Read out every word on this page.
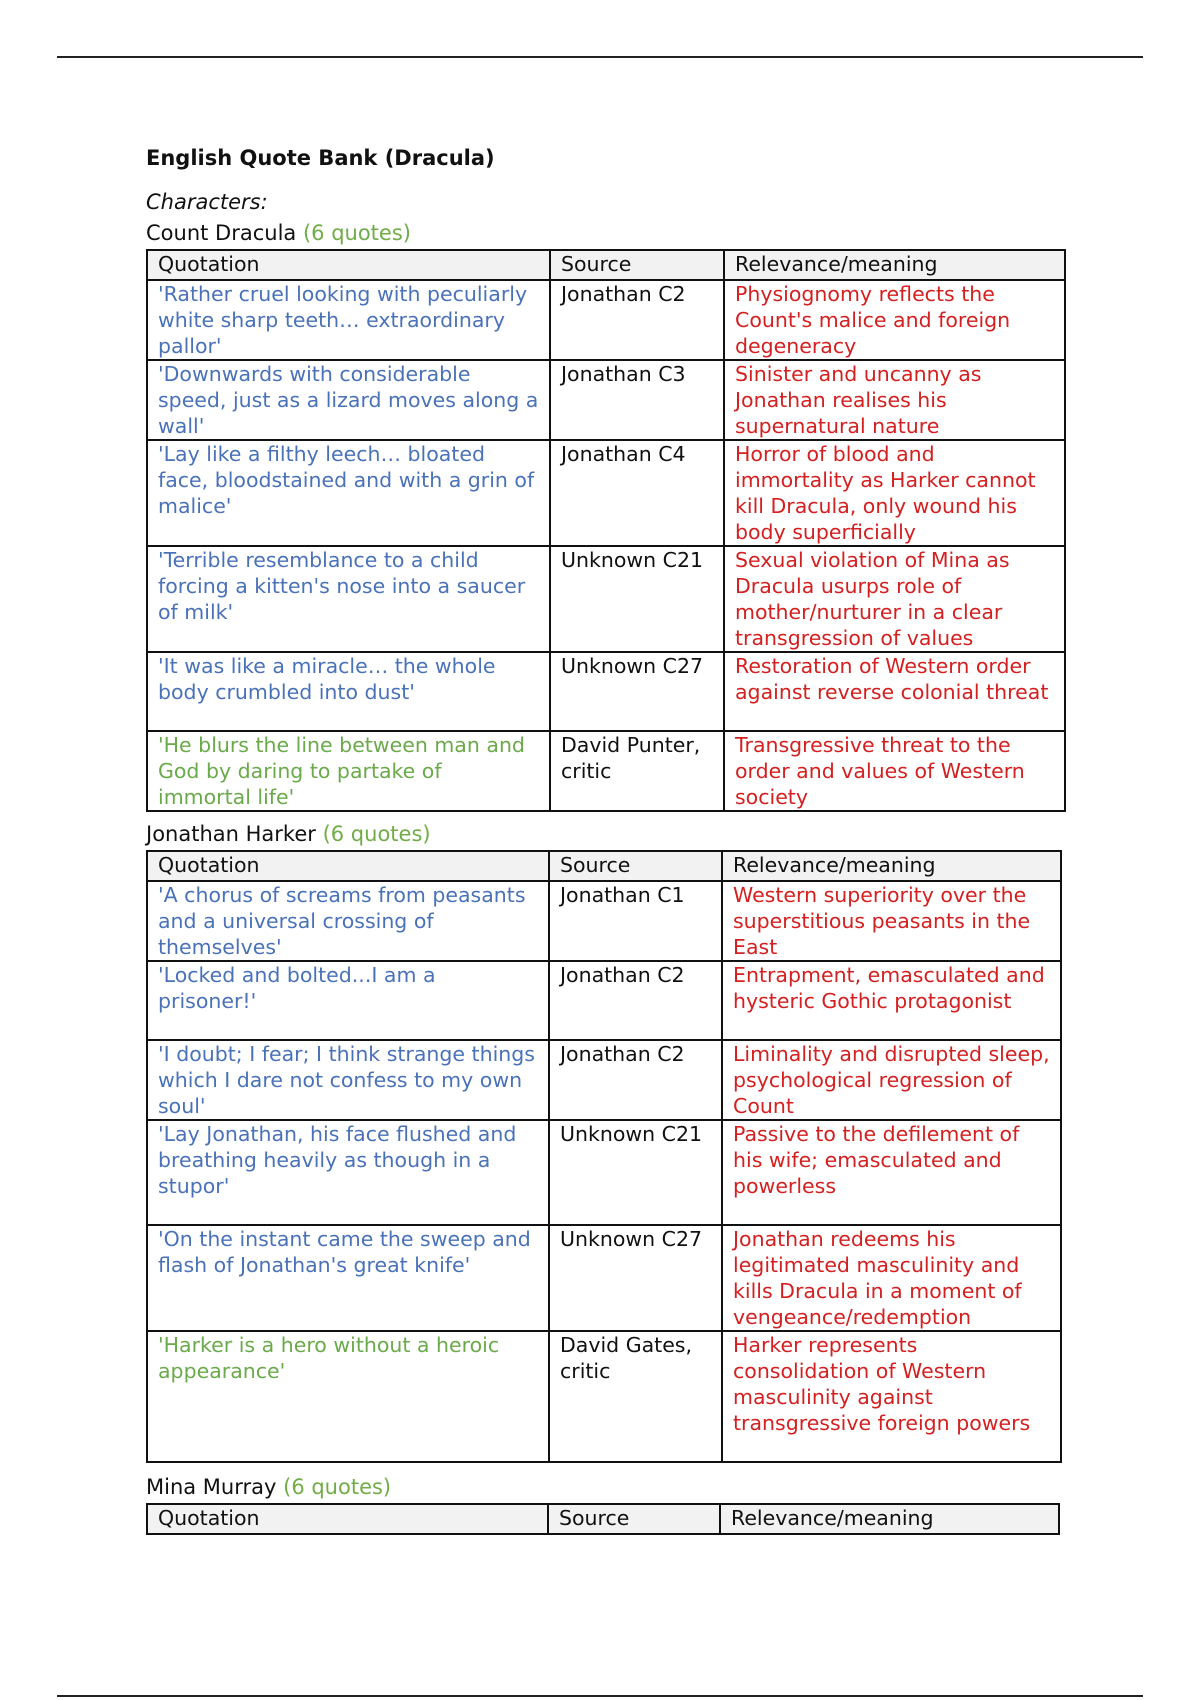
English Quote Bank (Dracula)
Characters:
Count Dracula (6 quotes)
Quotation	Source	Relevance/meaning
'Rather cruel looking with peculiarly white sharp teeth… extraordinary pallor'	Jonathan C2	Physiognomy reflects the Count's malice and foreign degeneracy
'Downwards with considerable speed, just as a lizard moves along a wall'	Jonathan C3	Sinister and uncanny as Jonathan realises his supernatural nature
'Lay like a filthy leech… bloated face, bloodstained and with a grin of malice'	Jonathan C4	Horror of blood and immortality as Harker cannot kill Dracula, only wound his body superficially
'Terrible resemblance to a child forcing a kitten's nose into a saucer of milk'	Unknown C21	Sexual violation of Mina as Dracula usurps role of mother/nurturer in a clear transgression of values
'It was like a miracle… the whole body crumbled into dust'	Unknown C27	Restoration of Western order against reverse colonial threat
'He blurs the line between man and God by daring to partake of immortal life'	David Punter, critic	Transgressive threat to the order and values of Western society
Jonathan Harker (6 quotes)
Quotation	Source	Relevance/meaning
'A chorus of screams from peasants and a universal crossing of themselves'	Jonathan C1	Western superiority over the superstitious peasants in the East
'Locked and bolted...I am a prisoner!'	Jonathan C2	Entrapment, emasculated and hysteric Gothic protagonist
'I doubt; I fear; I think strange things which I dare not confess to my own soul'	Jonathan C2	Liminality and disrupted sleep, psychological regression of Count
'Lay Jonathan, his face flushed and breathing heavily as though in a stupor'	Unknown C21	Passive to the defilement of his wife; emasculated and powerless
'On the instant came the sweep and flash of Jonathan's great knife'	Unknown C27	Jonathan redeems his legitimated masculinity and kills Dracula in a moment of vengeance/redemption
'Harker is a hero without a heroic appearance'	David Gates, critic	Harker represents consolidation of Western masculinity against transgressive foreign powers
Mina Murray (6 quotes)
Quotation	Source	Relevance/meaning
